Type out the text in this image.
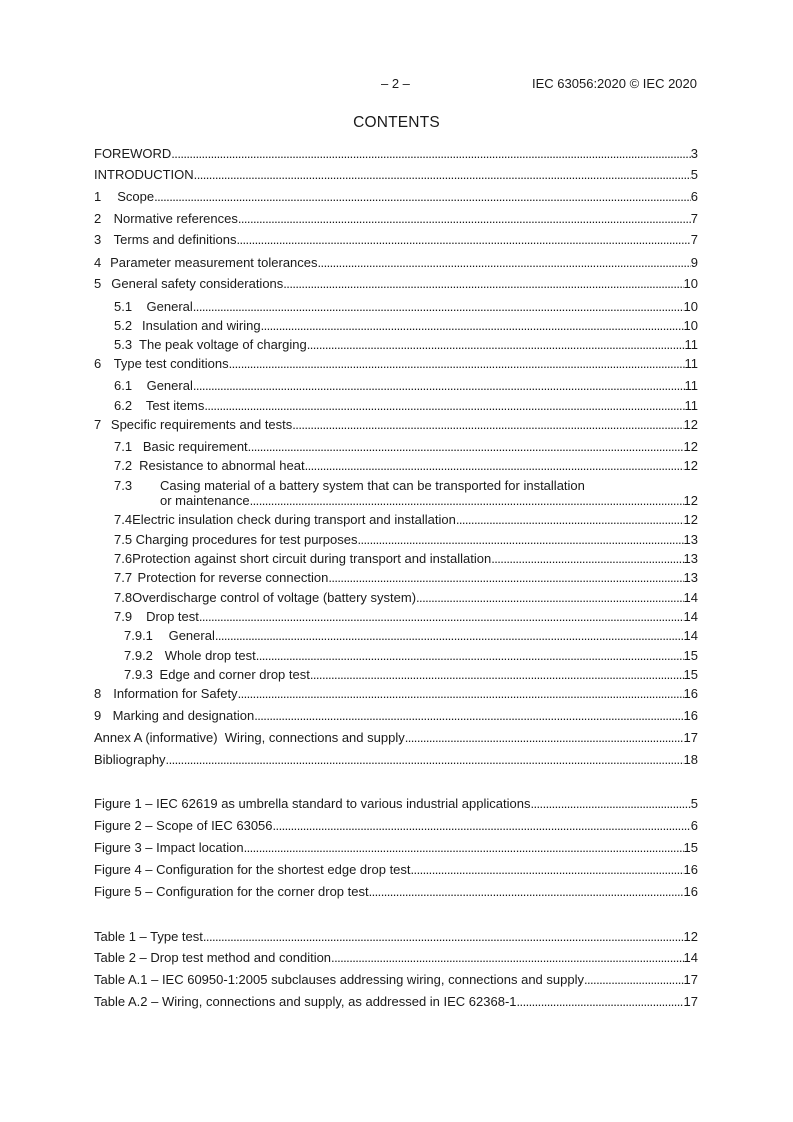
– 2 –	IEC 63056:2020 © IEC 2020
CONTENTS
FOREWORD . . .	3
INTRODUCTION . . .	5
1	Scope . . .	6
2 Normative references . . .	7
3 Terms and definitions . . .	7
4 Parameter measurement tolerances . . .	9
5 General safety considerations . . .	10
5.1	General . . .	10
5.2 Insulation and wiring . . .	10
5.3 The peak voltage of charging . . .	11
6 Type test conditions . . .	11
6.1	General . . .	11
6.2	Test items . . .	11
7 Specific requirements and tests . . .	12
7.1 Basic requirement . . .	12
7.2 Resistance to abnormal heat . . .	12
7.3 Casing material of a battery system that can be transported for installation
or maintenance . . .	12
7.4 Electric insulation check during transport and installation . . .	12
7.5 Charging procedures for test purposes . . .	13
7.6 Protection against short circuit during transport and installation . . .	13
7.7 Protection for reverse connection . . .	13
7.8 Overdischarge control of voltage (battery system) . . .	14
7.9	Drop test . . .	14
7.9.1	General . . .	14
7.9.2 Whole drop test . . .	15
7.9.3 Edge and corner drop test . . .	15
8 Information for Safety . . .	16
9 Marking and designation . . .	16
Annex A (informative)  Wiring, connections and supply . . .	17
Bibliography . . .	18
Figure 1 – IEC 62619 as umbrella standard to various industrial applications . . .	5
Figure 2 – Scope of IEC 63056 . . .	6
Figure 3 – Impact location . . .	15
Figure 4 – Configuration for the shortest edge drop test . . .	16
Figure 5 – Configuration for the corner drop test . . .	16
Table 1 – Type test . . .	12
Table 2 – Drop test method and condition . . .	14
Table A.1 – IEC 60950-1:2005 subclauses addressing wiring, connections and supply . . .	17
Table A.2 – Wiring, connections and supply, as addressed in IEC 62368-1 . . .	17
